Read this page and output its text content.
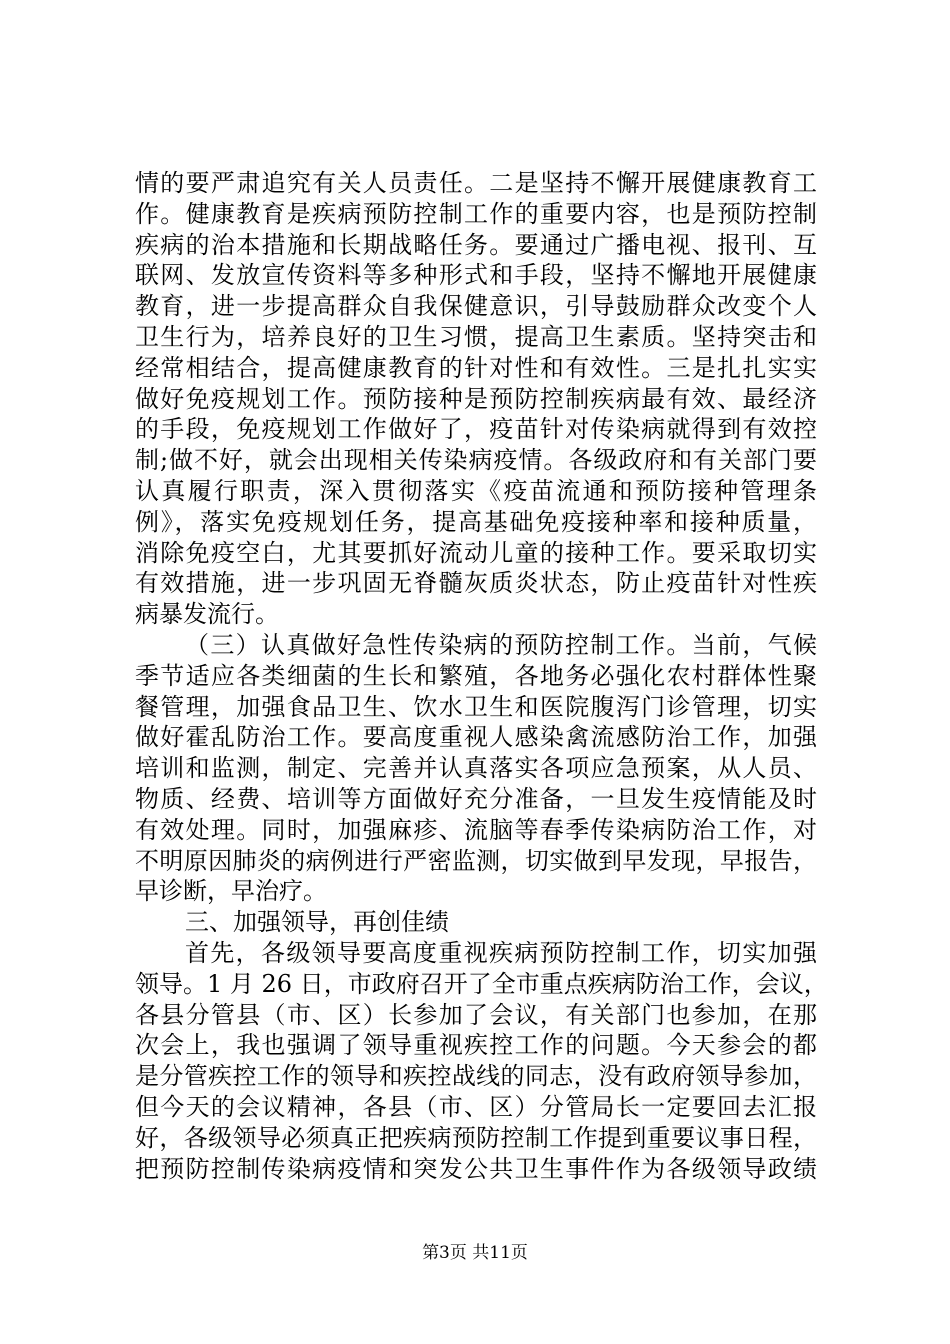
情的要严肃追究有关人员责任。二是坚持不懈开展健康教育工
作。健康教育是疾病预防控制工作的重要内容，也是预防控制
疾病的治本措施和长期战略任务。要通过广播电视、报刊、互
联网、发放宣传资料等多种形式和手段，坚持不懈地开展健康
教育，进一步提高群众自我保健意识，引导鼓励群众改变个人
卫生行为，培养良好的卫生习惯，提高卫生素质。坚持突击和
经常相结合，提高健康教育的针对性和有效性。三是扎扎实实
做好免疫规划工作。预防接种是预防控制疾病最有效、最经济
的手段，免疫规划工作做好了，疫苗针对传染病就得到有效控
制;做不好，就会出现相关传染病疫情。各级政府和有关部门要
认真履行职责，深入贯彻落实《疫苗流通和预防接种管理条
例》，落实免疫规划任务，提高基础免疫接种率和接种质量，
消除免疫空白，尤其要抓好流动儿童的接种工作。要采取切实
有效措施，进一步巩固无脊髓灰质炎状态，防止疫苗针对性疾
病暴发流行。
（三）认真做好急性传染病的预防控制工作。当前，气候
季节适应各类细菌的生长和繁殖，各地务必强化农村群体性聚
餐管理，加强食品卫生、饮水卫生和医院腹泻门诊管理，切实
做好霍乱防治工作。要高度重视人感染禽流感防治工作，加强
培训和监测，制定、完善并认真落实各项应急预案，从人员、
物质、经费、培训等方面做好充分准备，一旦发生疫情能及时
有效处理。同时，加强麻疹、流脑等春季传染病防治工作，对
不明原因肺炎的病例进行严密监测，切实做到早发现，早报告，
早诊断，早治疗。
三、加强领导，再创佳绩
首先，各级领导要高度重视疾病预防控制工作，切实加强
领导。1 月 26 日，市政府召开了全市重点疾病防治工作，会议，
各县分管县（市、区）长参加了会议，有关部门也参加，在那
次会上，我也强调了领导重视疾控工作的问题。今天参会的都
是分管疾控工作的领导和疾控战线的同志，没有政府领导参加，
但今天的会议精神，各县（市、区）分管局长一定要回去汇报
好，各级领导必须真正把疾病预防控制工作提到重要议事日程，
把预防控制传染病疫情和突发公共卫生事件作为各级领导政绩
第3页 共11页
